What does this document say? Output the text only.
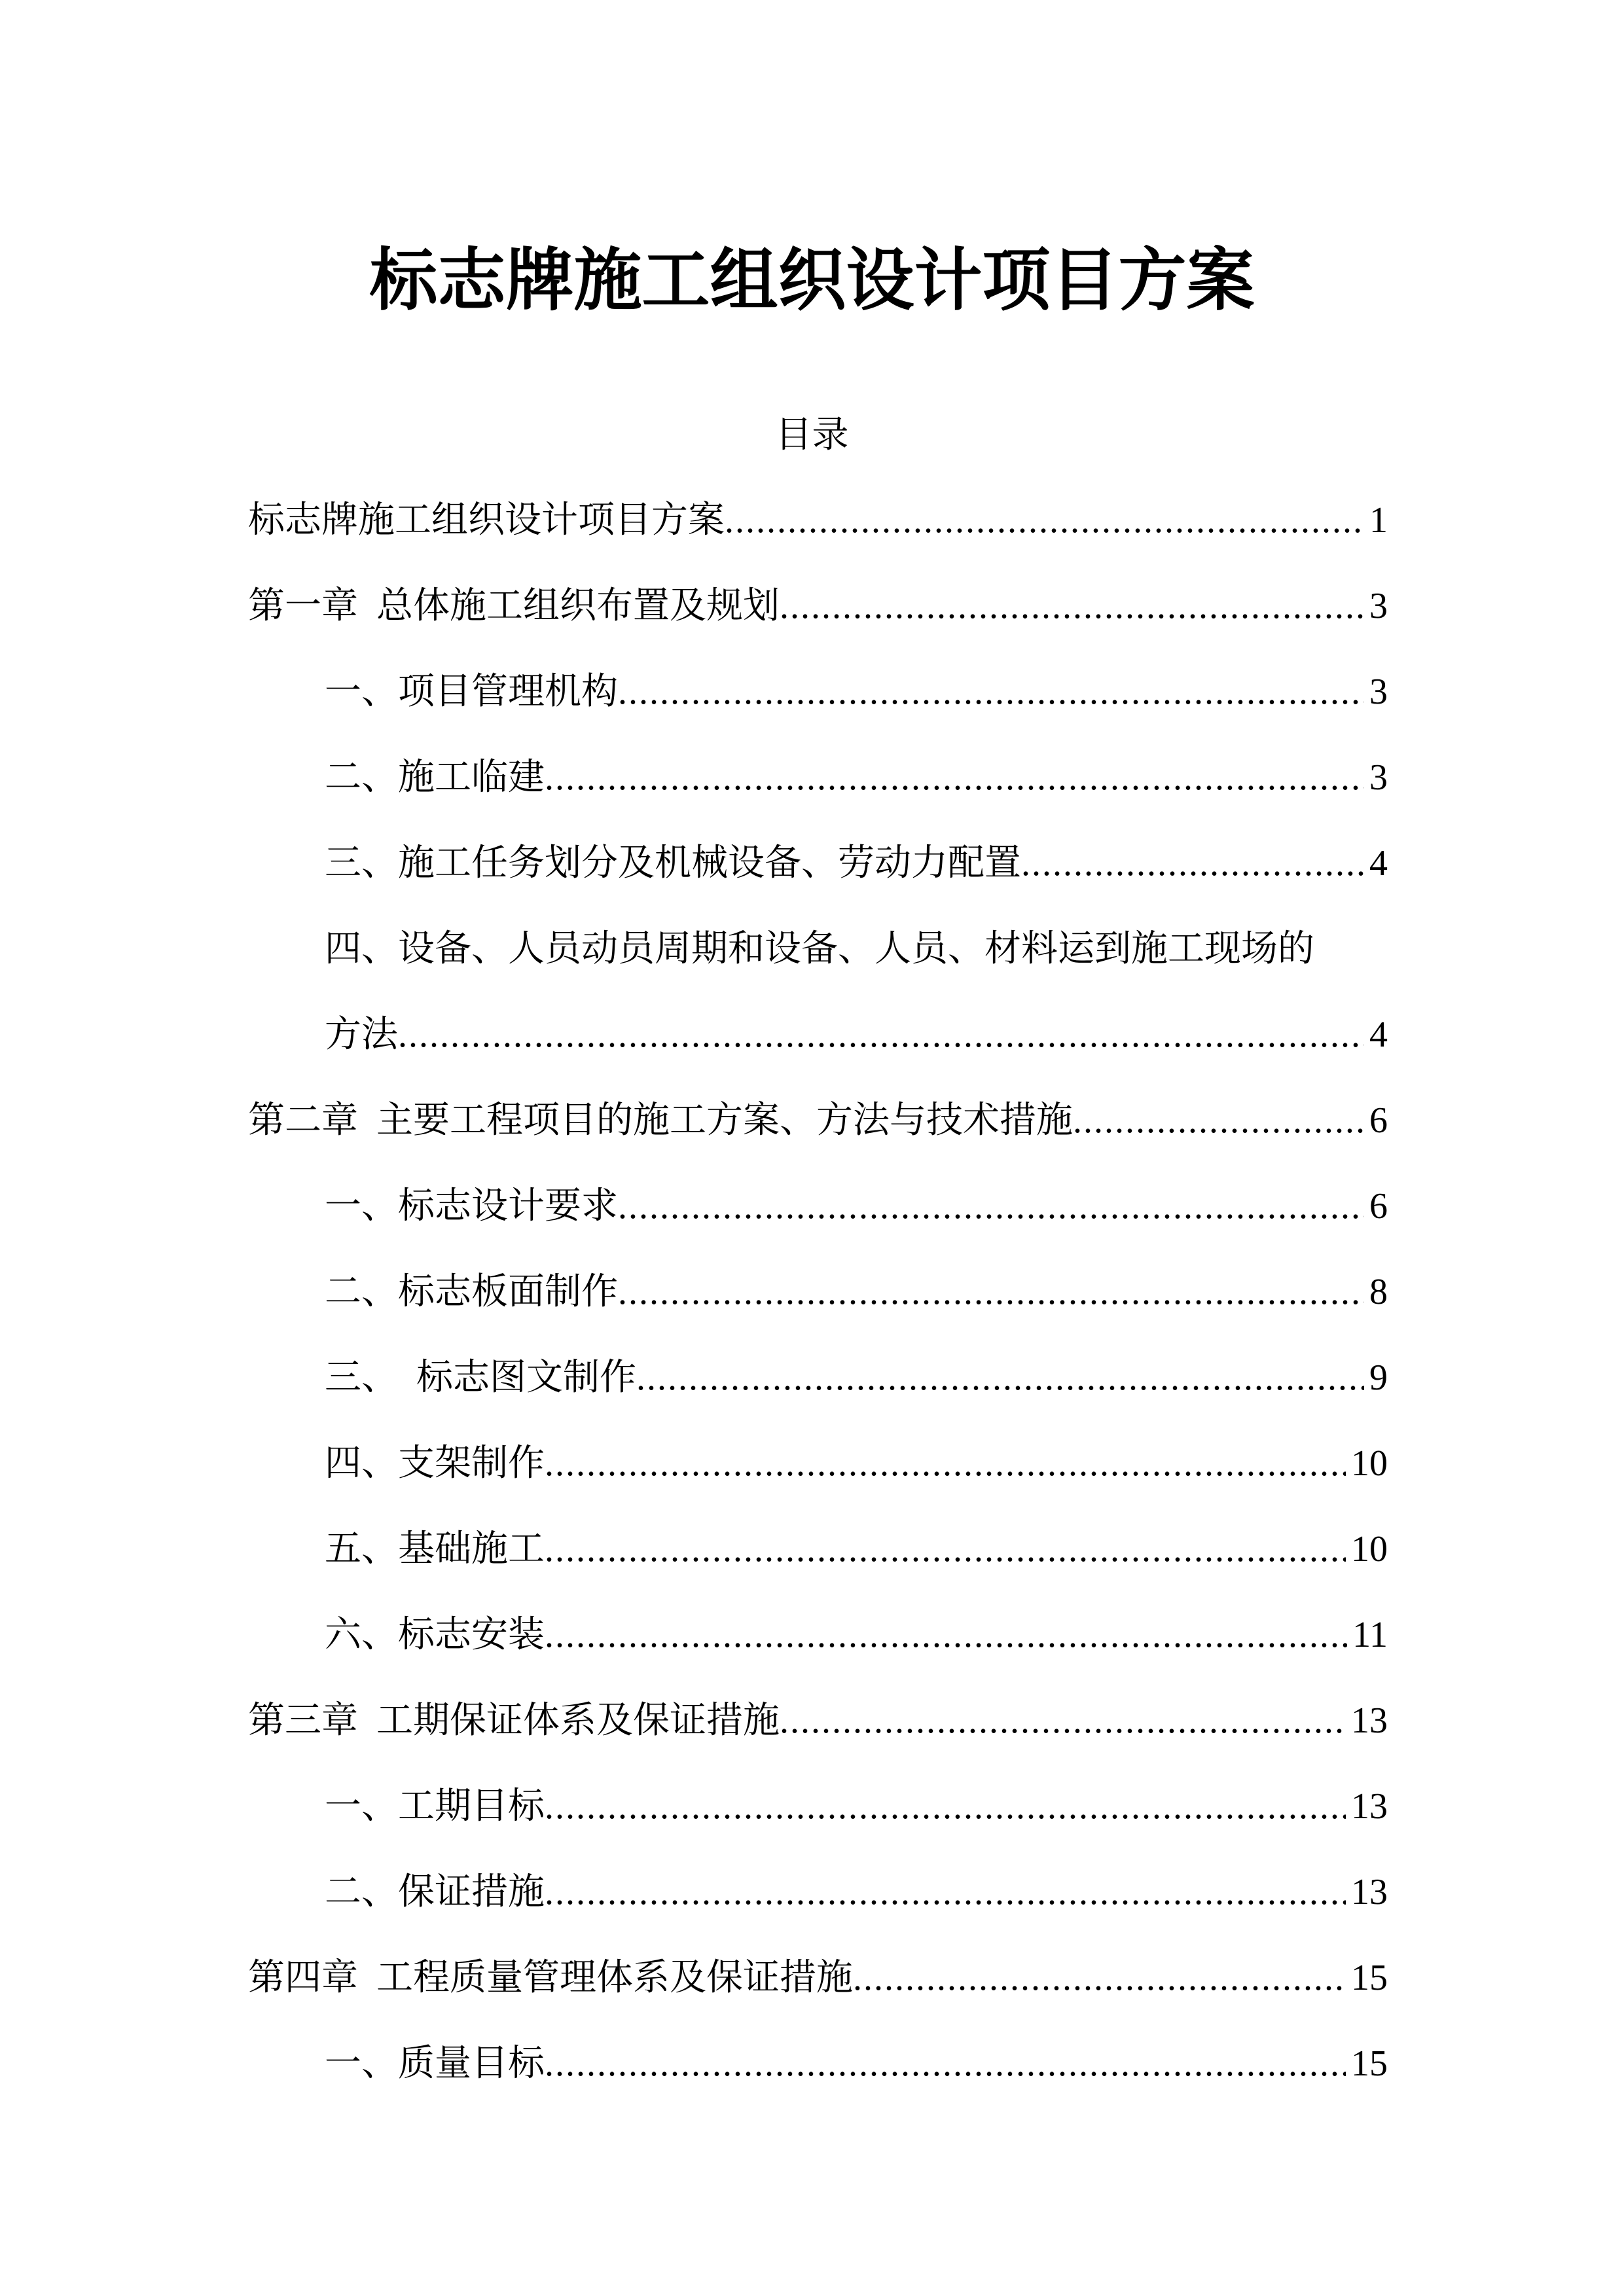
标志牌施工组织设计项目方案
目录
标志牌施工组织设计项目方案 .....	1
第一章  总体施工组织布置及规划 .....	3
一、项目管理机构 .....	3
二、施工临建 .....	3
三、施工任务划分及机械设备、劳动力配置 .....	4
四、设备、人员动员周期和设备、人员、材料运到施工现场的方法 .....	4
第二章  主要工程项目的施工方案、方法与技术措施 .....	6
一、标志设计要求 .....	6
二、标志板面制作 .....	8
三、  标志图文制作 .....	9
四、支架制作 .....	10
五、基础施工 .....	10
六、标志安装 .....	11
第三章  工期保证体系及保证措施 .....	13
一、工期目标 .....	13
二、保证措施 .....	13
第四章  工程质量管理体系及保证措施 .....	15
一、质量目标 .....	15
